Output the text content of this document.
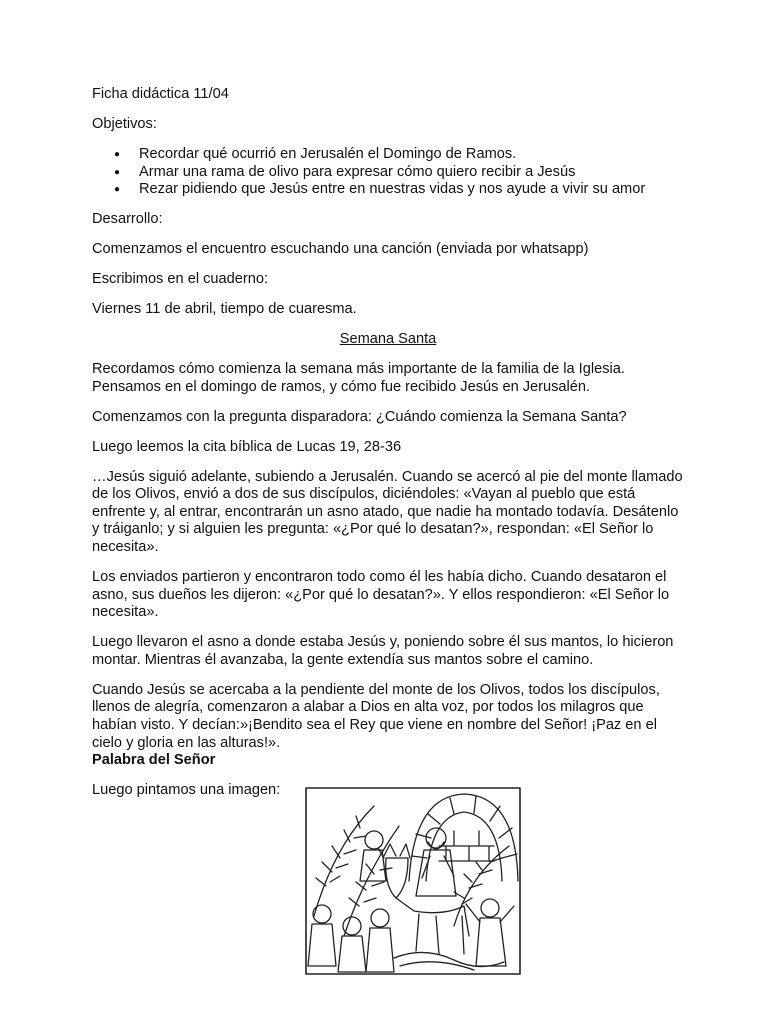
Ficha didáctica 11/04

Objetivos:

● Recordar qué ocurrió en Jerusalén el Domingo de Ramos.
● Armar una rama de olivo para expresar cómo quiero recibir a Jesús
● Rezar pidiendo que Jesús entre en nuestras vidas y nos ayude a vivir su amor

Desarrollo:

Comenzamos el encuentro escuchando una canción (enviada por whatsapp)

Escribimos en el cuaderno:

Viernes 11 de abril, tiempo de cuaresma.

Semana Santa

Recordamos cómo comienza la semana más importante de la familia de la Iglesia. Pensamos en el domingo de ramos, y cómo fue recibido Jesús en Jerusalén.

Comenzamos con la pregunta disparadora: ¿Cuándo comienza la Semana Santa?

Luego leemos la cita bíblica de Lucas 19, 28-36

…Jesús siguió adelante, subiendo a Jerusalén. Cuando se acercó al pie del monte llamado de los Olivos, envió a dos de sus discípulos, diciéndoles: «Vayan al pueblo que está enfrente y, al entrar, encontrarán un asno atado, que nadie ha montado todavía. Desátenlo y tráiganlo; y si alguien les pregunta: «¿Por qué lo desatan?», respondan: «El Señor lo necesita».

Los enviados partieron y encontraron todo como él les había dicho. Cuando desataron el asno, sus dueños les dijeron: «¿Por qué lo desatan?». Y ellos respondieron: «El Señor lo necesita».

Luego llevaron el asno a donde estaba Jesús y, poniendo sobre él sus mantos, lo hicieron montar. Mientras él avanzaba, la gente extendía sus mantos sobre el camino.

Cuando Jesús se acercaba a la pendiente del monte de los Olivos, todos los discípulos, llenos de alegría, comenzaron a alabar a Dios en alta voz, por todos los milagros que habían visto. Y decían:»¡Bendito sea el Rey que viene en nombre del Señor! ¡Paz en el cielo y gloria en las alturas!».

Palabra del Señor

Luego pintamos una imagen:
